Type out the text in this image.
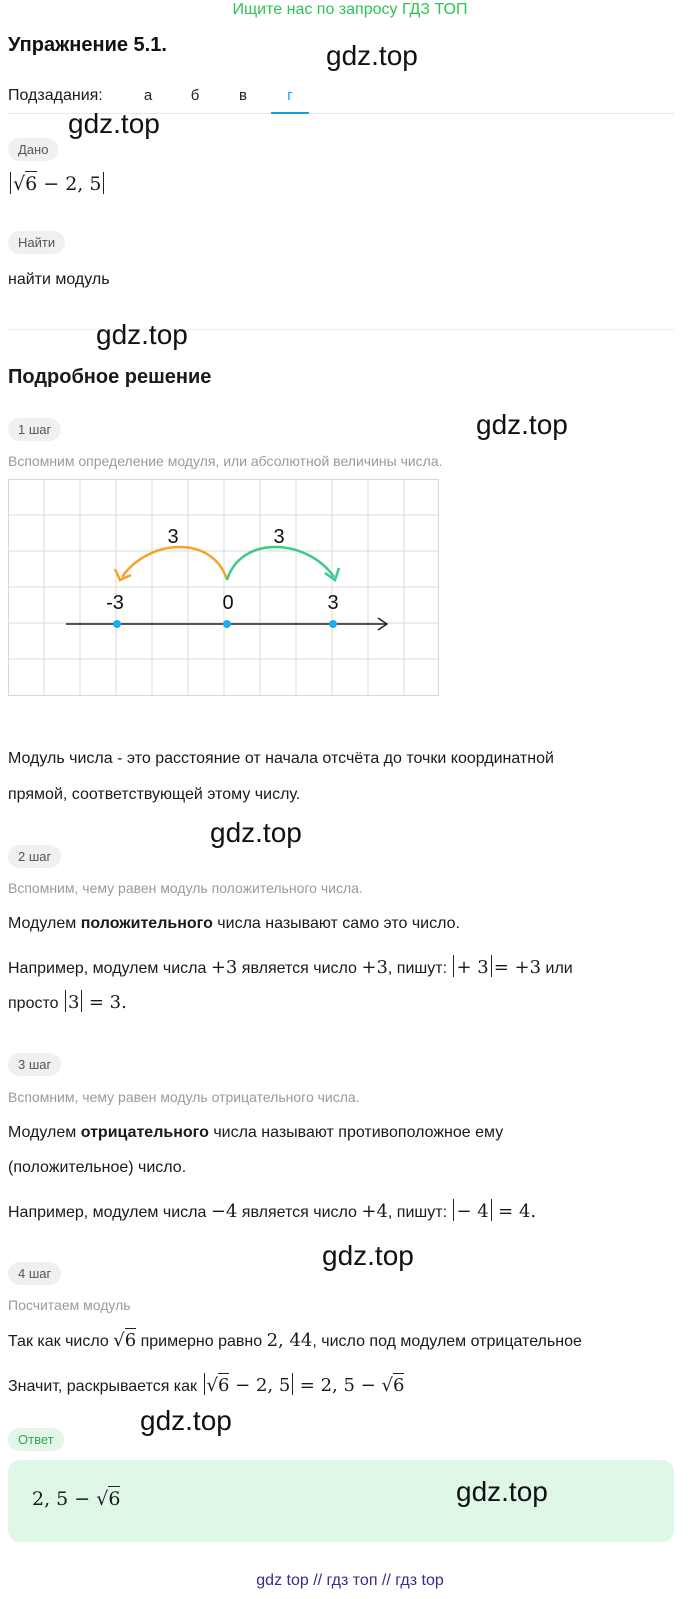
Ищите нас по запросу ГДЗ ТОП
Упражнение 5.1.
Подзадания:	а	б	в	г
Дано
√6 − 2, 5
Найти
найти модуль
Подробное решение
1 шаг
Вспомним определение модуля, или абсолютной величины числа.
3	3
-3	0	3
Модуль числа - это расстояние от начала отсчёта до точки координатной
прямой, соответствующей этому числу.
2 шаг
Вспомним, чему равен модуль положительного числа.
Модулем положительного числа называют само это число.
Например, модулем числа +3 является число +3, пишут: + 3 = +3 или
просто 3 = 3.
3 шаг
Вспомним, чему равен модуль отрицательного числа.
Модулем отрицательного числа называют противоположное ему
(положительное) число.
Например, модулем числа −4 является число +4, пишут: − 4 = 4.
4 шаг
Посчитаем модуль
Так как число √6 примерно равно 2, 44, число под модулем отрицательное
Значит, раскрывается как √6 − 2, 5 = 2, 5 − √6
Ответ
2, 5 − √6
gdz.top
gdz.top
gdz.top
gdz.top
gdz.top
gdz.top
gdz.top
gdz.top
gdz top // гдз топ // гдз top
